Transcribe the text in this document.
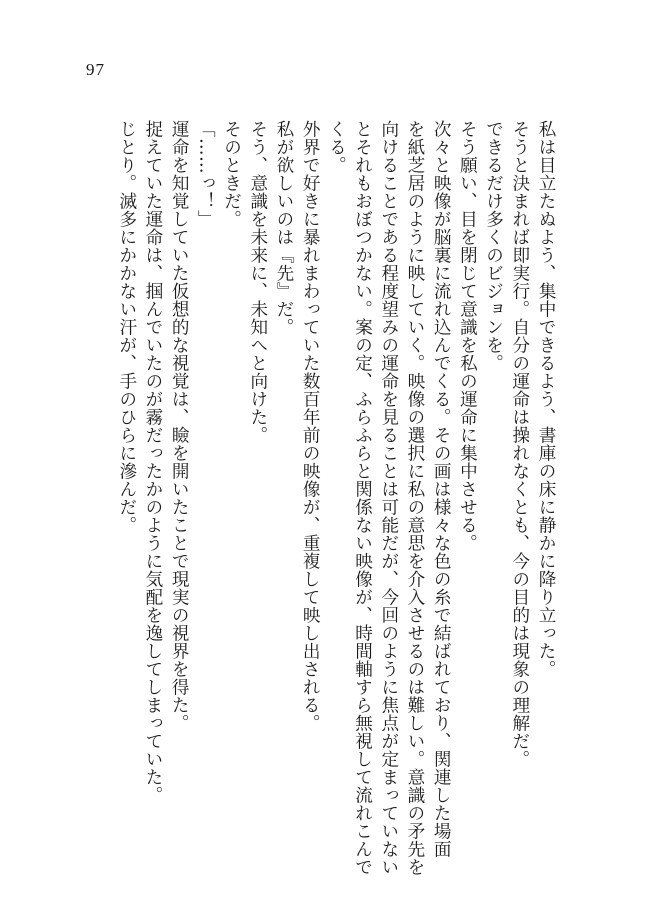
97
私は目立たぬよう、集中できるよう、書庫の床に静かに降り立った。
そうと決まれば即実行。自分の運命は操れなくとも、今の目的は現象の理解だ。
できるだけ多くのビジョンを。
そう願い、目を閉じて意識を私の運命に集中させる。
次々と映像が脳裏に流れ込んでくる。その画は様々な色の糸で結ばれており、関連した場面
を紙芝居のように映していく。映像の選択に私の意思を介入させるのは難しい。意識の矛先を
向けることである程度望みの運命を見ることは可能だが、今回のように焦点が定まっていない
とそれもおぼつかない。案の定、ふらふらと関係ない映像が、時間軸すら無視して流れこんで
くる。
外界で好きに暴れまわっていた数百年前の映像が、重複して映し出される。
私が欲しいのは『先』だ。
そう、意識を未来に、未知へと向けた。
そのときだ。
「……っ！」
運命を知覚していた仮想的な視覚は、瞼を開いたことで現実の視界を得た。
捉えていた運命は、掴んでいたのが霧だったかのように気配を逸してしまっていた。
じとり。滅多にかかない汗が、手のひらに滲んだ。
